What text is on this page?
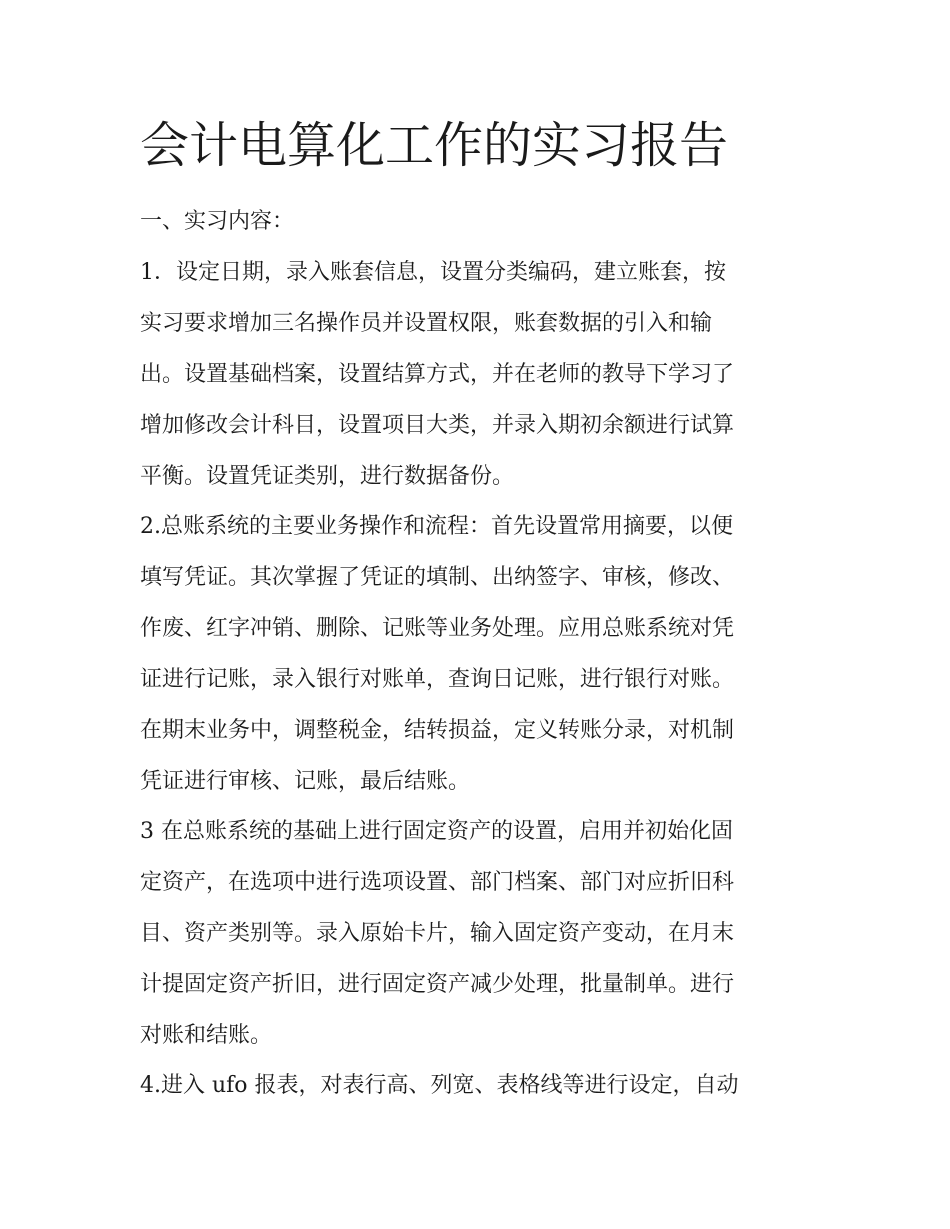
会计电算化工作的实习报告

一、实习内容：

1．设定日期，录入账套信息，设置分类编码，建立账套，按

实习要求增加三名操作员并设置权限，账套数据的引入和输

出。设置基础档案，设置结算方式，并在老师的教导下学习了

增加修改会计科目，设置项目大类，并录入期初余额进行试算

平衡。设置凭证类别，进行数据备份。

2.总账系统的主要业务操作和流程：首先设置常用摘要，以便

填写凭证。其次掌握了凭证的填制、出纳签字、审核，修改、

作废、红字冲销、删除、记账等业务处理。应用总账系统对凭

证进行记账，录入银行对账单，查询日记账，进行银行对账。

在期末业务中，调整税金，结转损益，定义转账分录，对机制

凭证进行审核、记账，最后结账。

3 在总账系统的基础上进行固定资产的设置，启用并初始化固

定资产，在选项中进行选项设置、部门档案、部门对应折旧科

目、资产类别等。录入原始卡片，输入固定资产变动，在月末

计提固定资产折旧，进行固定资产减少处理，批量制单。进行

对账和结账。

4.进入 ufo 报表，对表行高、列宽、表格线等进行设定，自动
